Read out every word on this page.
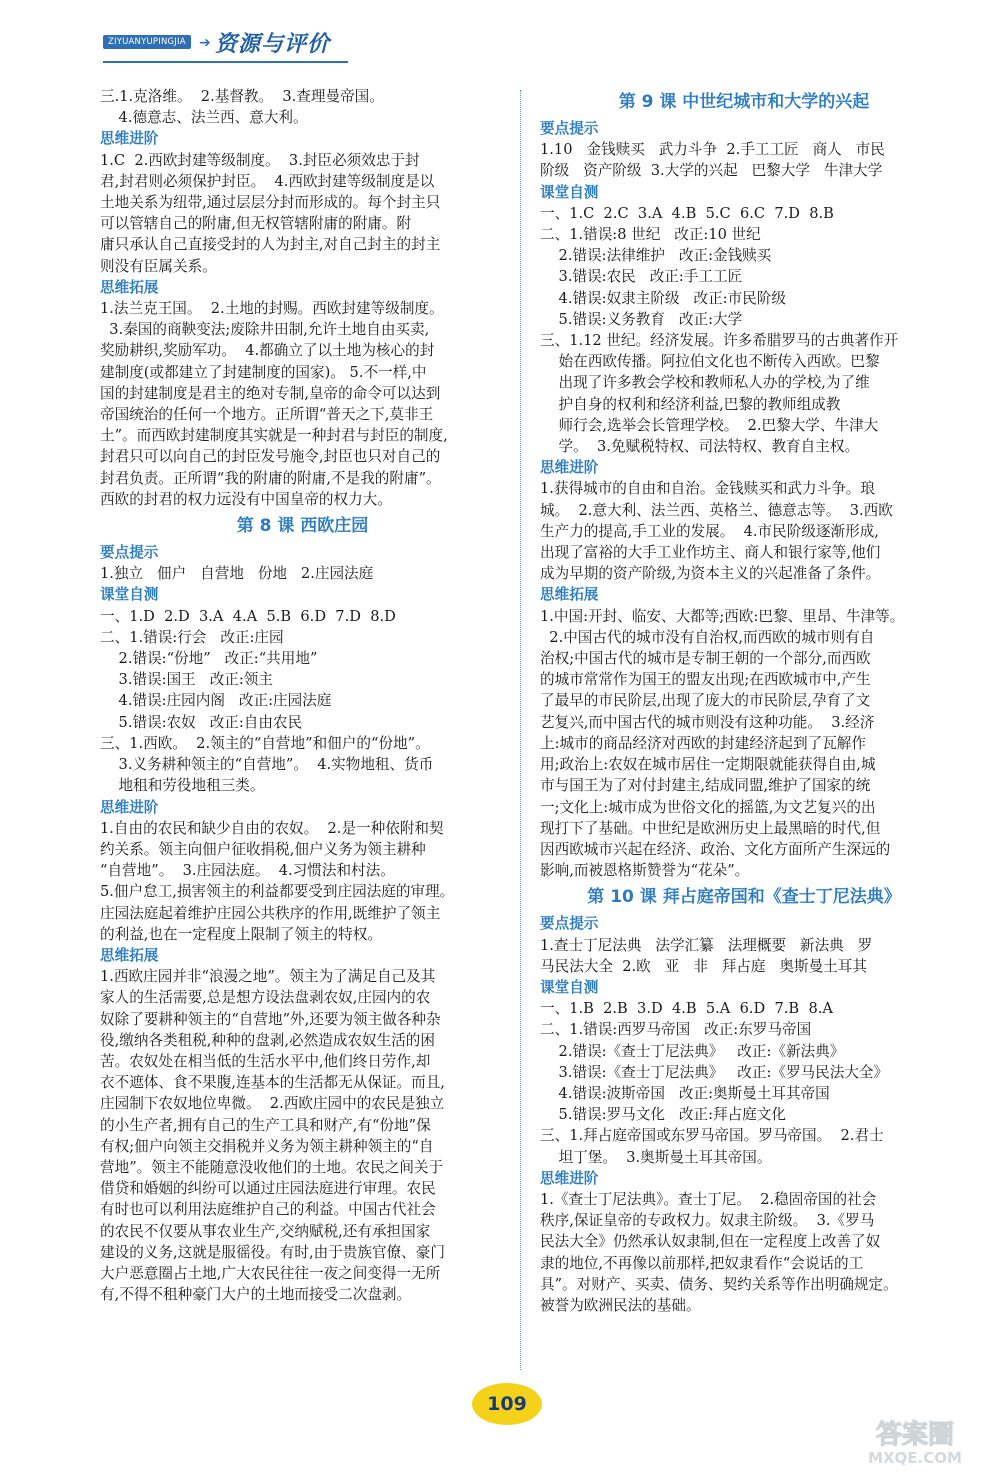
ZIYUANYUPINGJIA ➔ 资源与评价
三.1.克洛维。  2.基督教。  3.查理曼帝国。
4.德意志、法兰西、意大利。
思维进阶
1.C  2.西欧封建等级制度。  3.封臣必须效忠于封
君,封君则必须保护封臣。  4.西欧封建等级制度是以
土地关系为纽带,通过层层分封而形成的。每个封主只
可以管辖自己的附庸,但无权管辖附庸的附庸。附
庸只承认自己直接受封的人为封主,对自己封主的封主
则没有臣属关系。
思维拓展
1.法兰克王国。  2.土地的封赐。西欧封建等级制度。
3.秦国的商鞅变法;废除井田制,允许土地自由买卖,
奖励耕织,奖励军功。  4.都确立了以土地为核心的封
建制度(或都建立了封建制度的国家)。 5.不一样,中
国的封建制度是君主的绝对专制,皇帝的命令可以达到
帝国统治的任何一个地方。正所谓“普天之下,莫非王
土”。而西欧封建制度其实就是一种封君与封臣的制度,
封君只可以向自己的封臣发号施令,封臣也只对自己的
封君负责。正所谓“我的附庸的附庸,不是我的附庸”。
西欧的封君的权力远没有中国皇帝的权力大。
第 8 课 西欧庄园
要点提示
1.独立   佃户   自营地   份地   2.庄园法庭
课堂自测
一、1.D  2.D  3.A  4.A  5.B  6.D  7.D  8.D
二、1.错误:行会   改正:庄园
2.错误:“份地”   改正:“共用地”
3.错误:国王   改正:领主
4.错误:庄园内阁   改正:庄园法庭
5.错误:农奴   改正:自由农民
三、1.西欧。  2.领主的“自营地”和佃户的“份地”。
3.义务耕种领主的“自营地”。  4.实物地租、货币
地租和劳役地租三类。
思维进阶
1.自由的农民和缺少自由的农奴。  2.是一种依附和契
约关系。领主向佃户征收捐税,佃户义务为领主耕种
“自营地”。  3.庄园法庭。  4.习惯法和村法。
5.佃户怠工,损害领主的利益都要受到庄园法庭的审理。
庄园法庭起着维护庄园公共秩序的作用,既维护了领主
的利益,也在一定程度上限制了领主的特权。
思维拓展
1.西欧庄园并非“浪漫之地”。领主为了满足自己及其
家人的生活需要,总是想方设法盘剥农奴,庄园内的农
奴除了要耕种领主的“自营地”外,还要为领主做各种杂
役,缴纳各类租税,种种的盘剥,必然造成农奴生活的困
苦。农奴处在相当低的生活水平中,他们终日劳作,却
衣不遮体、食不果腹,连基本的生活都无从保证。而且,
庄园制下农奴地位卑微。  2.西欧庄园中的农民是独立
的小生产者,拥有自己的生产工具和财产,有“份地”保
有权;佃户向领主交捐税并义务为领主耕种领主的“自
营地”。领主不能随意没收他们的土地。农民之间关于
借贷和婚姻的纠纷可以通过庄园法庭进行审理。农民
有时也可以利用法庭维护自己的利益。中国古代社会
的农民不仅要从事农业生产,交纳赋税,还有承担国家
建设的义务,这就是服徭役。有时,由于贵族官僚、豪门
大户恶意圈占土地,广大农民往往一夜之间变得一无所
有,不得不租种豪门大户的土地而接受二次盘剥。
第 9 课 中世纪城市和大学的兴起
要点提示
1.10   金钱赎买   武力斗争  2.手工工匠   商人   市民
阶级   资产阶级  3.大学的兴起   巴黎大学   牛津大学
课堂自测
一、1.C  2.C  3.A  4.B  5.C  6.C  7.D  8.B
二、1.错误:8 世纪   改正:10 世纪
2.错误:法律维护   改正:金钱赎买
3.错误:农民   改正:手工工匠
4.错误:奴隶主阶级   改正:市民阶级
5.错误:义务教育   改正:大学
三、1.12 世纪。经济发展。许多希腊罗马的古典著作开
始在西欧传播。阿拉伯文化也不断传入西欧。巴黎
出现了许多教会学校和教师私人办的学校,为了维
护自身的权利和经济利益,巴黎的教师组成教
师行会,选举会长管理学校。  2.巴黎大学、牛津大
学。  3.免赋税特权、司法特权、教育自主权。
思维进阶
1.获得城市的自由和自治。金钱赎买和武力斗争。琅
城。  2.意大利、法兰西、英格兰、德意志等。  3.西欧
生产力的提高,手工业的发展。  4.市民阶级逐渐形成,
出现了富裕的大手工业作坊主、商人和银行家等,他们
成为早期的资产阶级,为资本主义的兴起准备了条件。
思维拓展
1.中国:开封、临安、大都等;西欧:巴黎、里昂、牛津等。
2.中国古代的城市没有自治权,而西欧的城市则有自
治权;中国古代的城市是专制王朝的一个部分,而西欧
的城市常常作为国王的盟友出现;在西欧城市中,产生
了最早的市民阶层,出现了庞大的市民阶层,孕育了文
艺复兴,而中国古代的城市则没有这种功能。  3.经济
上:城市的商品经济对西欧的封建经济起到了瓦解作
用;政治上:农奴在城市居住一定期限就能获得自由,城
市与国王为了对付封建主,结成同盟,维护了国家的统
一;文化上:城市成为世俗文化的摇篮,为文艺复兴的出
现打下了基础。中世纪是欧洲历史上最黑暗的时代,但
因西欧城市兴起在经济、政治、文化方面所产生深远的
影响,而被恩格斯赞誉为“花朵”。
第 10 课 拜占庭帝国和《查士丁尼法典》
要点提示
1.查士丁尼法典   法学汇纂   法理概要   新法典   罗
马民法大全  2.欧   亚   非   拜占庭   奥斯曼土耳其
课堂自测
一、1.B  2.B  3.D  4.B  5.A  6.D  7.B  8.A
二、1.错误:西罗马帝国   改正:东罗马帝国
2.错误:《查士丁尼法典》   改正:《新法典》
3.错误:《查士丁尼法典》   改正:《罗马民法大全》
4.错误:波斯帝国   改正:奥斯曼土耳其帝国
5.错误:罗马文化   改正:拜占庭文化
三、1.拜占庭帝国或东罗马帝国。罗马帝国。  2.君士
坦丁堡。  3.奥斯曼土耳其帝国。
思维进阶
1.《查士丁尼法典》。查士丁尼。  2.稳固帝国的社会
秩序,保证皇帝的专政权力。奴隶主阶级。  3.《罗马
民法大全》仍然承认奴隶制,但在一定程度上改善了奴
隶的地位,不再像以前那样,把奴隶看作“会说话的工
具”。对财产、买卖、债务、契约关系等作出明确规定。
被誉为欧洲民法的基础。
109
答案圈
MXQE.COM
